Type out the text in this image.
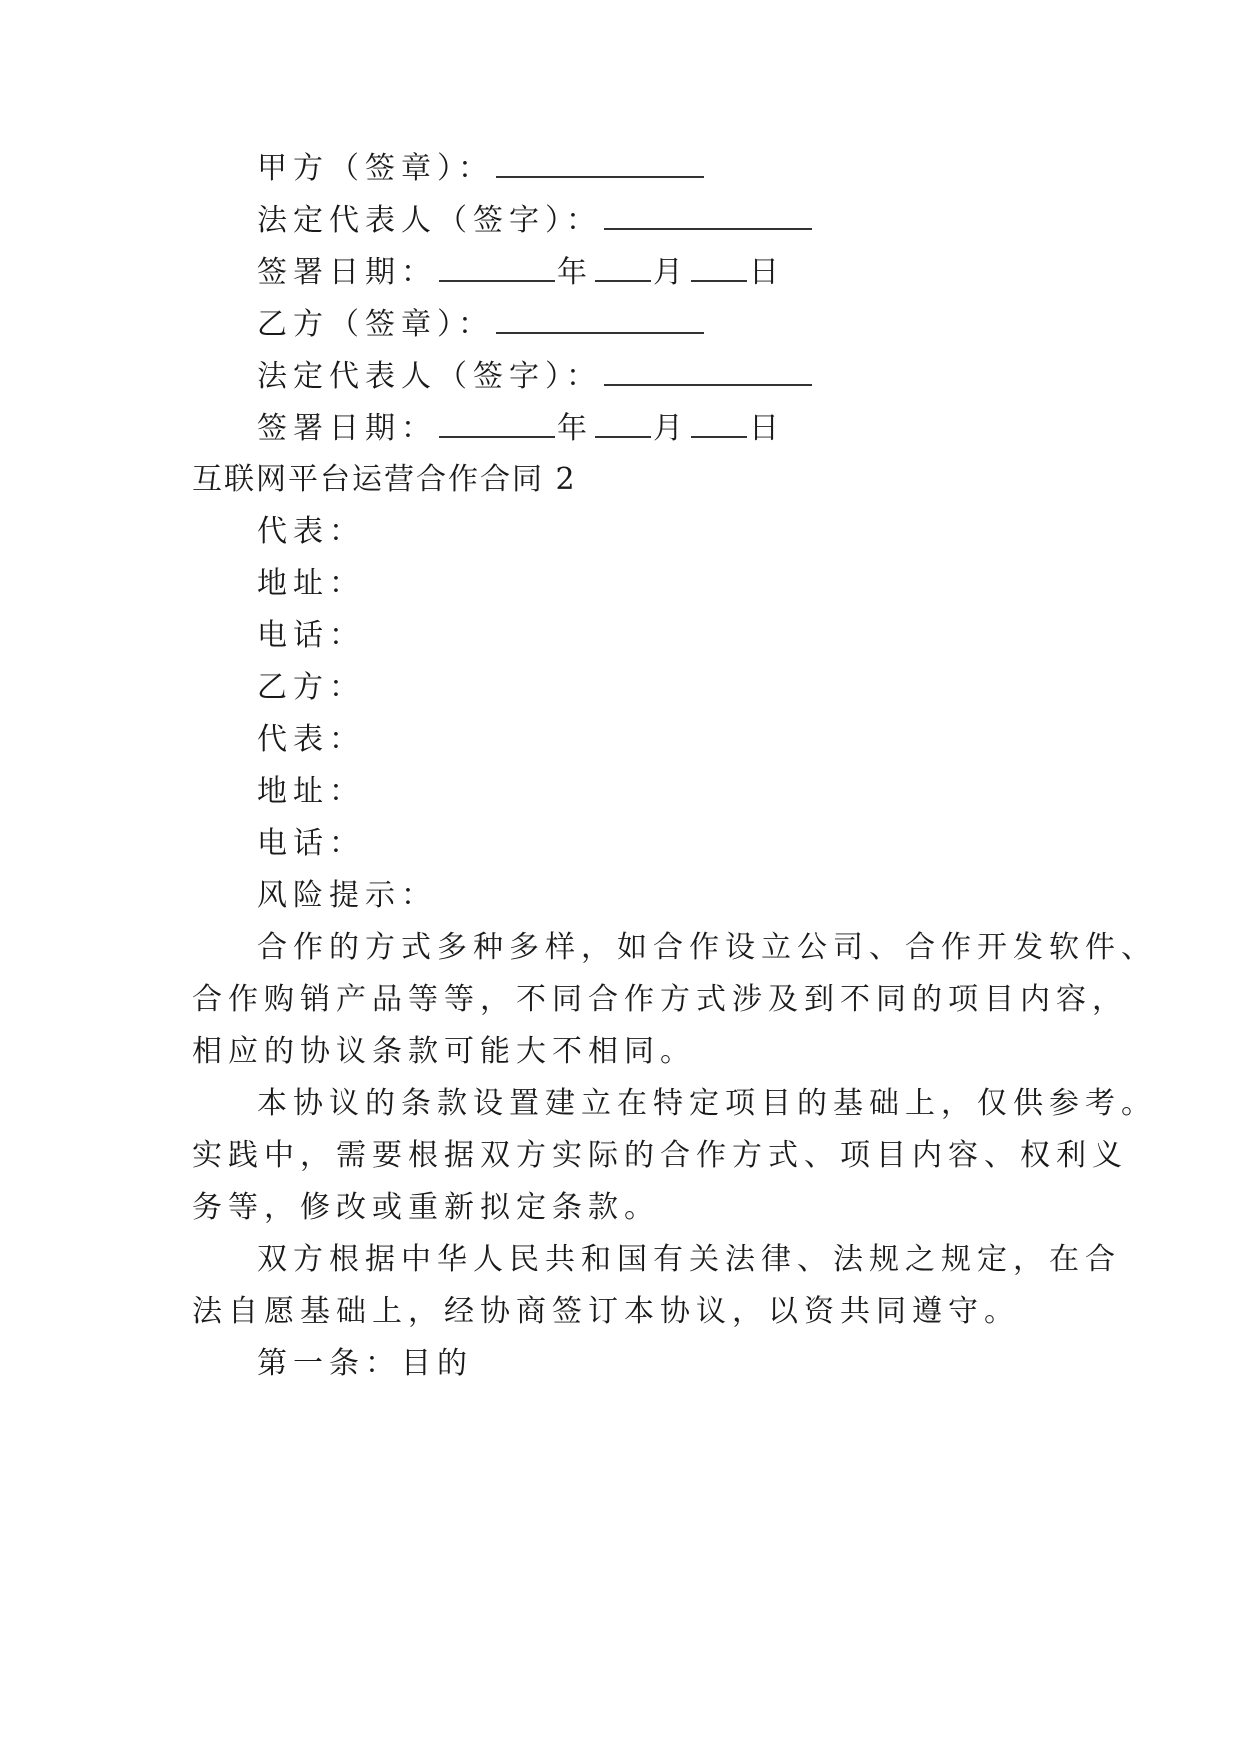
甲方（签章）：
法定代表人（签字）：
签署日期：	年 月 日
乙方（签章）：
法定代表人（签字）：
签署日期：	年 月 日
互联网平台运营合作合同 2
代表：
地址：
电话：
乙方：
代表：
地址：
电话：
风险提示：
合作的方式多种多样，如合作设立公司、合作开发软件、
合作购销产品等等，不同合作方式涉及到不同的项目内容，
相应的协议条款可能大不相同。
本协议的条款设置建立在特定项目的基础上，仅供参考。
实践中，需要根据双方实际的合作方式、项目内容、权利义
务等，修改或重新拟定条款。
双方根据中华人民共和国有关法律、法规之规定，在合
法自愿基础上，经协商签订本协议，以资共同遵守。
第一条：目的
